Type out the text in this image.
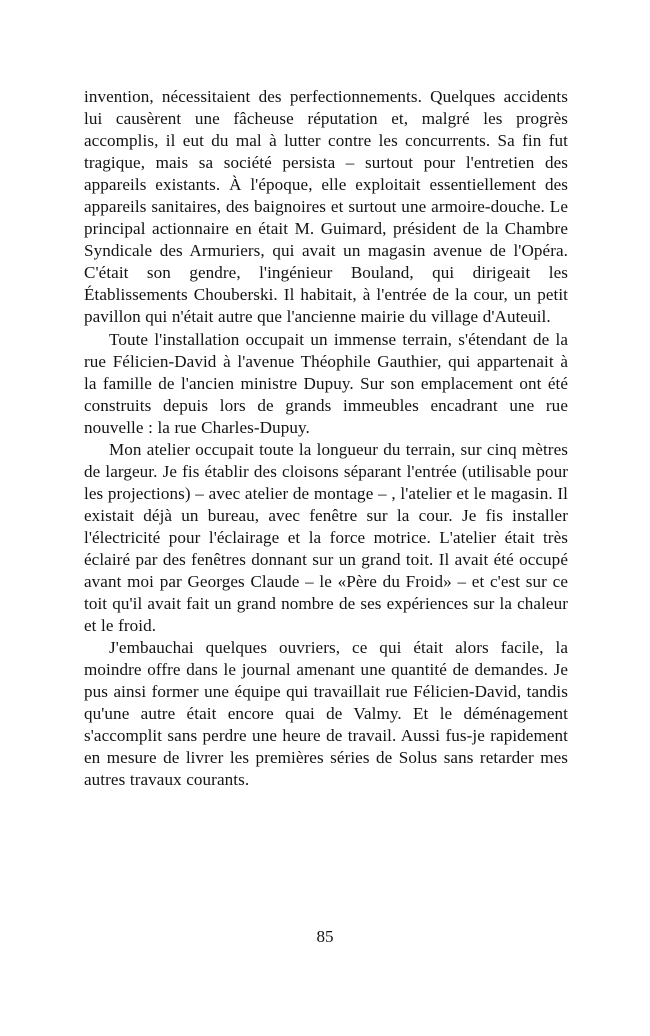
invention, nécessitaient des perfectionnements. Quelques accidents lui causèrent une fâcheuse réputation et, malgré les progrès accomplis, il eut du mal à lutter contre les concurrents. Sa fin fut tragique, mais sa société persista – surtout pour l'entretien des appareils existants. À l'époque, elle exploitait essentiellement des appareils sanitaires, des baignoires et surtout une armoire-douche. Le principal actionnaire en était M. Guimard, président de la Chambre Syndicale des Armuriers, qui avait un magasin avenue de l'Opéra. C'était son gendre, l'ingénieur Bouland, qui dirigeait les Établissements Chouberski. Il habitait, à l'entrée de la cour, un petit pavillon qui n'était autre que l'ancienne mairie du village d'Auteuil.

Toute l'installation occupait un immense terrain, s'étendant de la rue Félicien-David à l'avenue Théophile Gauthier, qui appartenait à la famille de l'ancien ministre Dupuy. Sur son emplacement ont été construits depuis lors de grands immeubles encadrant une rue nouvelle : la rue Charles-Dupuy.

Mon atelier occupait toute la longueur du terrain, sur cinq mètres de largeur. Je fis établir des cloisons séparant l'entrée (utilisable pour les projections) – avec atelier de montage – , l'atelier et le magasin. Il existait déjà un bureau, avec fenêtre sur la cour. Je fis installer l'électricité pour l'éclairage et la force motrice. L'atelier était très éclairé par des fenêtres donnant sur un grand toit. Il avait été occupé avant moi par Georges Claude – le «Père du Froid» – et c'est sur ce toit qu'il avait fait un grand nombre de ses expériences sur la chaleur et le froid.

J'embauchai quelques ouvriers, ce qui était alors facile, la moindre offre dans le journal amenant une quantité de demandes. Je pus ainsi former une équipe qui travaillait rue Félicien-David, tandis qu'une autre était encore quai de Valmy. Et le déménagement s'accomplit sans perdre une heure de travail. Aussi fus-je rapidement en mesure de livrer les premières séries de Solus sans retarder mes autres travaux courants.

85
